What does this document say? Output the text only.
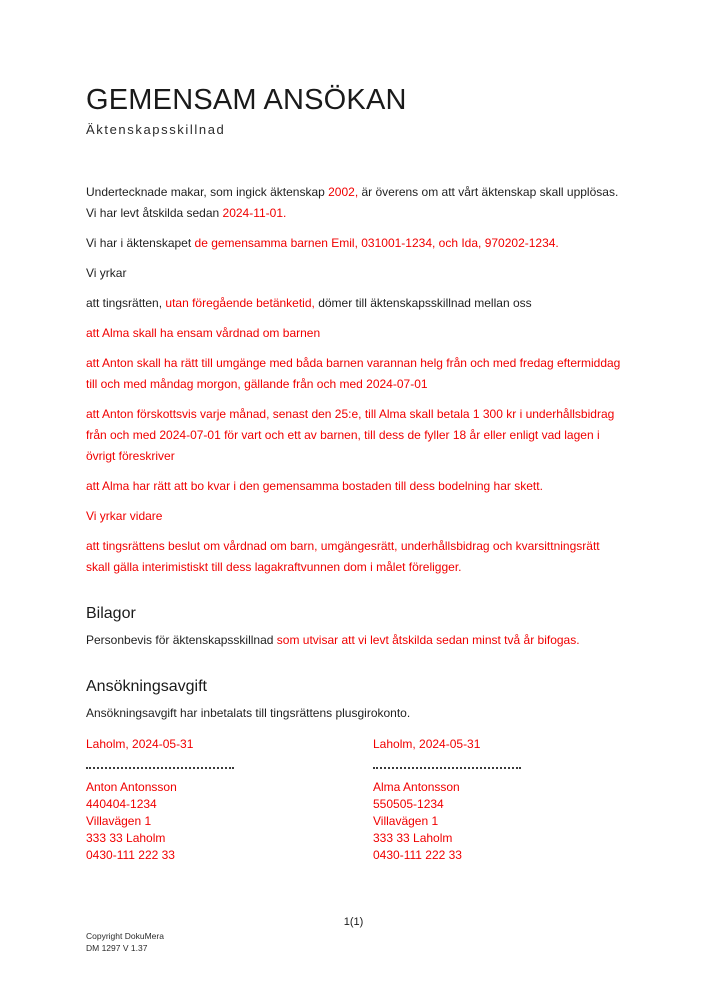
GEMENSAM ANSÖKAN
Äktenskapsskillnad

Undertecknade makar, som ingick äktenskap 2002, är överens om att vårt äktenskap skall upplösas. Vi har levt åtskilda sedan 2024-11-01.

Vi har i äktenskapet de gemensamma barnen Emil, 031001-1234, och Ida, 970202-1234.

Vi yrkar

att tingsrätten, utan föregående betänketid, dömer till äktenskapsskillnad mellan oss

att Alma skall ha ensam vårdnad om barnen

att Anton skall ha rätt till umgänge med båda barnen varannan helg från och med fredag eftermiddag till och med måndag morgon, gällande från och med 2024-07-01

att Anton förskottsvis varje månad, senast den 25:e, till Alma skall betala 1 300 kr i underhållsbidrag från och med 2024-07-01 för vart och ett av barnen, till dess de fyller 18 år eller enligt vad lagen i övrigt föreskriver

att Alma har rätt att bo kvar i den gemensamma bostaden till dess bodelning har skett.

Vi yrkar vidare

att tingsrättens beslut om vårdnad om barn, umgängesrätt, underhållsbidrag och kvarsittningsrätt skall gälla interimistiskt till dess lagakraftvunnen dom i målet föreligger.

Bilagor

Personbevis för äktenskapsskillnad som utvisar att vi levt åtskilda sedan minst två år bifogas.

Ansökningsavgift

Ansökningsavgift har inbetalats till tingsrättens plusgirokonto.

Laholm, 2024-05-31
Anton Antonsson
440404-1234
Villavägen 1
333 33 Laholm
0430-111 222 33
Laholm, 2024-05-31
Alma Antonsson
550505-1234
Villavägen 1
333 33 Laholm
0430-111 222 33
1(1)
Copyright DokuMera
DM 1297 V 1.37
